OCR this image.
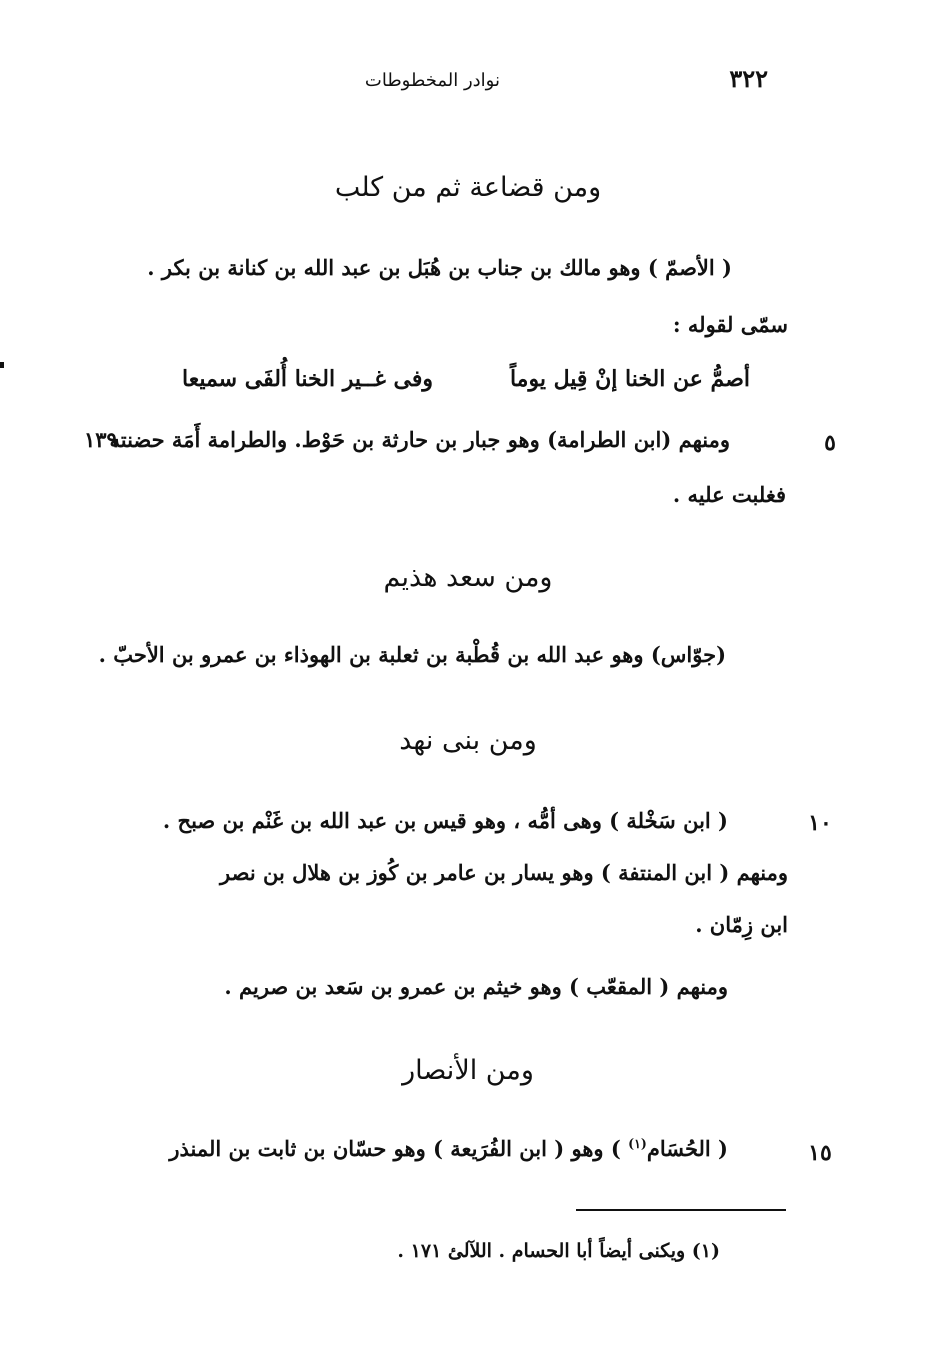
نوادر المخطوطات	٣٢٢
ومن قضاعة ثم من كلب
( الأصمّ ) وهو مالك بن جناب بن هُبَل بن عبد الله بن كنانة بن بكر .
سمّى لقوله :
أصمُّ عن الخنا إنْ قِيل يوماً
وفى غــير الخنا أُلفَى سميعا
٥
ومنهم (ابن الطرامة) وهو جبار بن حارثة بن حَوْط. والطرامة أَمَة حضنته
١٣٩
فغلبت عليه .
ومن سعد هذيم
(جوّاس) وهو عبد الله بن قُطْبة بن ثعلبة بن الهوذاء بن عمرو بن الأحبّ .
ومن بنى نهد
١٠
( ابن سَخْلة ) وهى أمُّه ، وهو قيس بن عبد الله بن غَنْم بن صبح .
ومنهم ( ابن المنتفة ) وهو يسار بن عامر بن كُوز بن هلال بن نصر
ابن زِمّان .
ومنهم ( المقعّب ) وهو خيثم بن عمرو بن سَعد بن صريم .
ومن الأنصار
١٥
( الحُسَام$^{(١)}$ ) وهو ( ابن الفُرَيعة ) وهو حسّان بن ثابت بن المنذر
(١) ويكنى أيضاً أبا الحسام . اللآلئ ١٧١ .
